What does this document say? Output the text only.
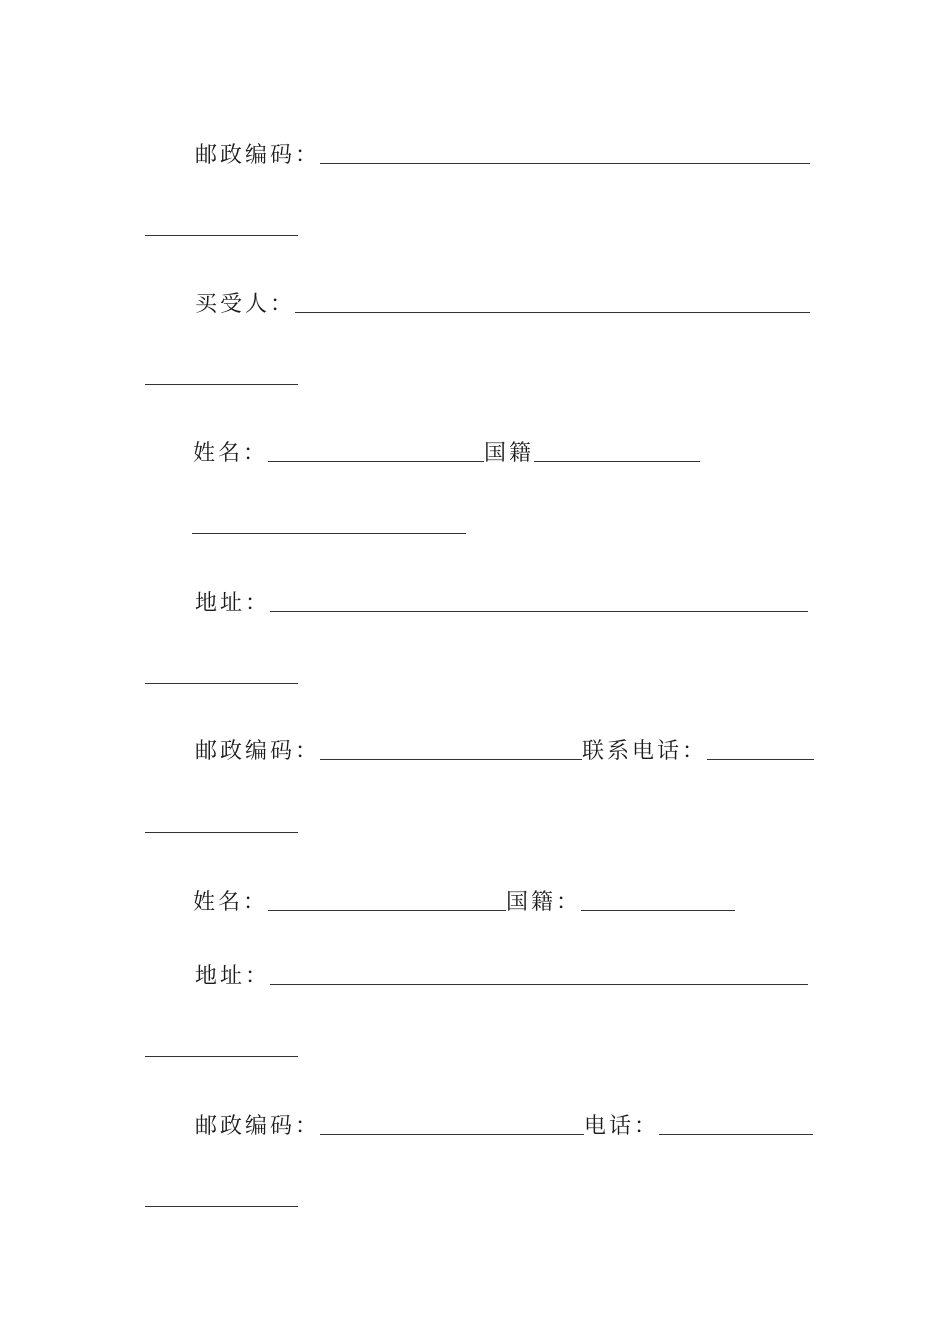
邮政编码：
买受人：
姓名：	国籍
地址：
邮政编码：	联系电话：
姓名：	国籍：
地址：
邮政编码：	电话：
